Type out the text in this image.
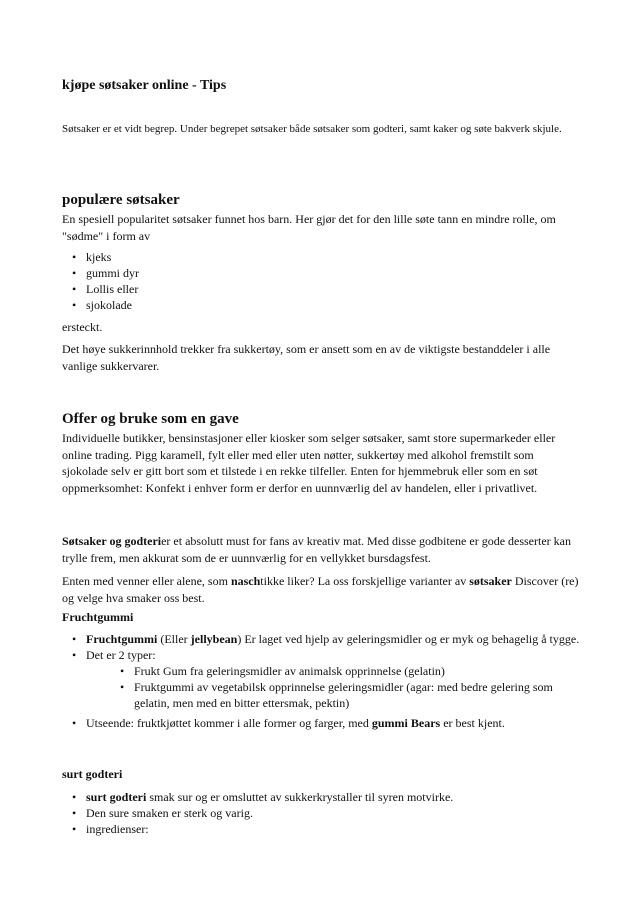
kjøpe søtsaker online - Tips

Søtsaker er et vidt begrep. Under begrepet søtsaker både søtsaker som godteri, samt kaker og søte bakverk skjule.

populære søtsaker

En spesiell popularitet søtsaker funnet hos barn. Her gjør det for den lille søte tann en mindre rolle, om "sødme" i form av

• kjeks
• gummi dyr
• Lollis eller
• sjokolade

ersteckt.

Det høye sukkerinnhold trekker fra sukkertøy, som er ansett som en av de viktigste bestanddeler i alle vanlige sukkervarer.

Offer og bruke som en gave

Individuelle butikker, bensinstasjoner eller kiosker som selger søtsaker, samt store supermarkeder eller online trading. Pigg karamell, fylt eller med eller uten nøtter, sukkertøy med alkohol fremstilt som sjokolade selv er gitt bort som et tilstede i en rekke tilfeller. Enten for hjemmebruk eller som en søt oppmerksomhet: Konfekt i enhver form er derfor en uunnværlig del av handelen, eller i privatlivet.

Søtsaker og godterier et absolutt must for fans av kreativ mat. Med disse godbitene er gode desserter kan trylle frem, men akkurat som de er uunnværlig for en vellykket bursdagsfest.

Enten med venner eller alene, som naschtikke liker? La oss forskjellige varianter av søtsaker Discover (re) og velge hva smaker oss best.

Fruchtgummi

• Fruchtgummi (Eller jellybean) Er laget ved hjelp av geleringsmidler og er myk og behagelig å tygge.
• Det er 2 typer:
• Frukt Gum fra geleringsmidler av animalsk opprinnelse (gelatin)
• Fruktgummi av vegetabilsk opprinnelse geleringsmidler (agar: med bedre gelering som gelatin, men med en bitter ettersmak, pektin)
• Utseende: fruktkjøttet kommer i alle former og farger, med gummi Bears er best kjent.

surt godteri

• surt godteri smak sur og er omsluttet av sukkerkrystaller til syren motvirke.
• Den sure smaken er sterk og varig.
• ingredienser:
